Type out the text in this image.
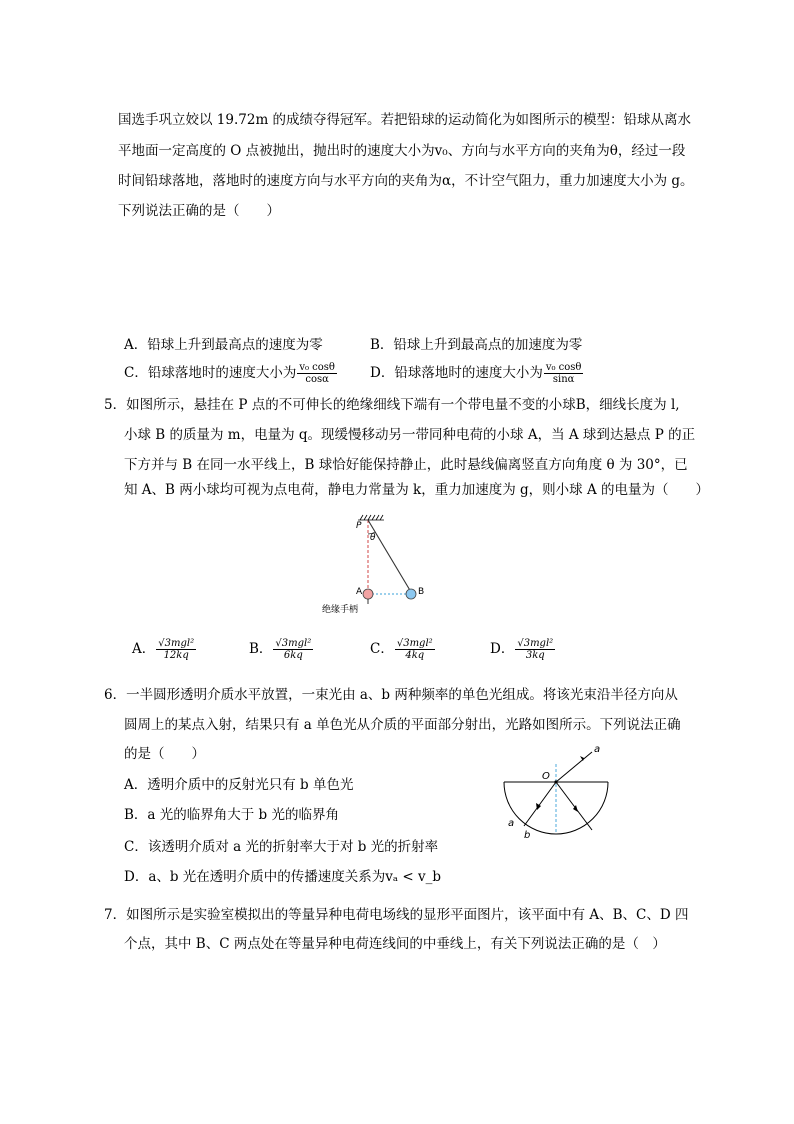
国选手巩立姣以 19.72m 的成绩夺得冠军。若把铅球的运动简化为如图所示的模型：铅球从离水
平地面一定高度的 O 点被抛出，抛出时的速度大小为v₀、方向与水平方向的夹角为θ，经过一段
时间铅球落地，落地时的速度方向与水平方向的夹角为α，不计空气阻力，重力加速度大小为 g。
下列说法正确的是（　　）
A．铅球上升到最高点的速度为零	B．铅球上升到最高点的加速度为零
C．铅球落地时的速度大小为 $\frac{\text{v₀ cosθ}}{\cos\alpha}$ D．铅球落地时的速度大小为 $\frac{\text{v₀ cosθ}}{\sin\alpha}$
5．如图所示，悬挂在 P 点的不可伸长的绝缘细线下端有一个带电量不变的小球B，细线长度为 l,
小球 B 的质量为 m，电量为 q。现缓慢移动另一带同种电荷的小球 A，当 A 球到达悬点 P 的正
下方并与 B 在同一水平线上，B 球恰好能保持静止，此时悬线偏离竖直方向角度 θ 为 30°，已
知 A、B 两小球均可视为点电荷，静电力常量为 k，重力加速度为 g，则小球 A 的电量为（　　）
P
θ
A	B
绝缘手柄
A． $\frac{\text{√3mgl²}}{12kq}$	B． $\frac{\text{√3mgl²}}{6kq}$	C． $\frac{\text{√3mgl²}}{4kq}$	D． $\frac{\text{√3mgl²}}{3kq}$
6．一半圆形透明介质水平放置，一束光由 a、b 两种频率的单色光组成。将该光束沿半径方向从
圆周上的某点入射，结果只有 a 单色光从介质的平面部分射出，光路如图所示。下列说法正确
的是（　　）
A．透明介质中的反射光只有 b 单色光
B．a 光的临界角大于 b 光的临界角
C．该透明介质对 a 光的折射率大于对 b 光的折射率
D．a、b 光在透明介质中的传播速度关系为vₐ < v_b
O
a
a
b
7．如图所示是实验室模拟出的等量异种电荷电场线的显形平面图片，该平面中有 A、B、C、D 四
个点，其中 B、C 两点处在等量异种电荷连线间的中垂线上，有关下列说法正确的是（　）
